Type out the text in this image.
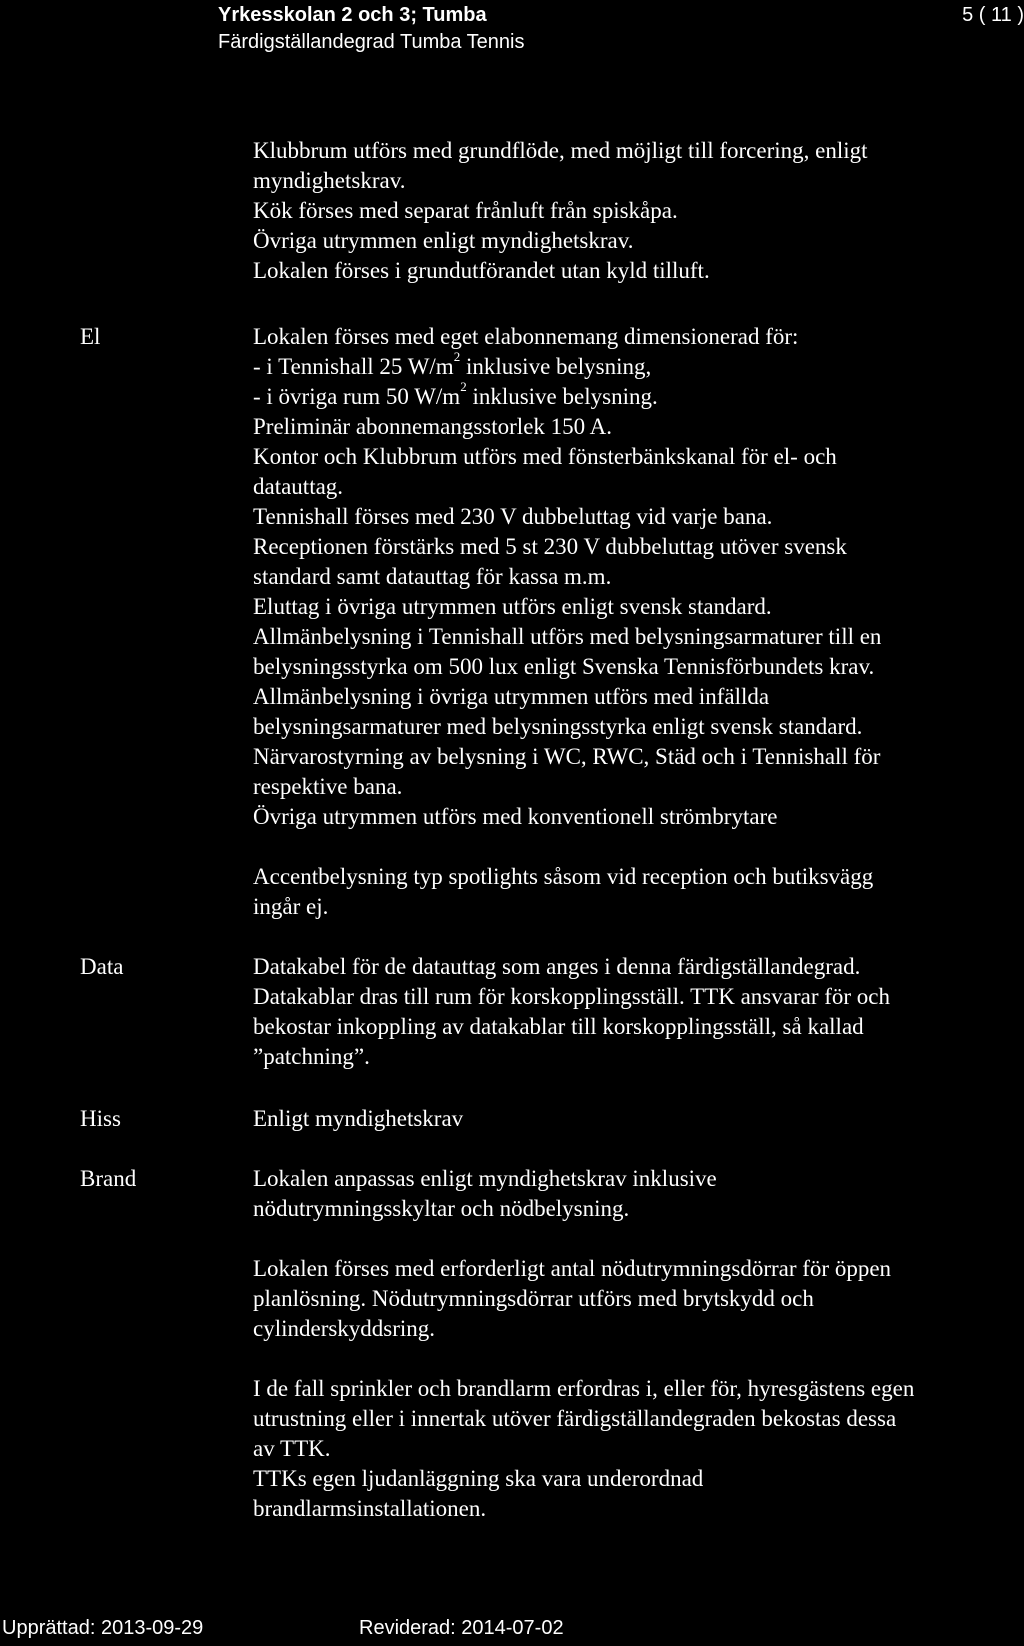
Yrkesskolan 2 och 3; Tumba
Färdigställandegrad Tumba Tennis
5 ( 11 )

Klubbrum utförs med grundflöde, med möjligt till forcering, enligt

myndighetskrav.

Kök förses med separat frånluft från spiskåpa.

Övriga utrymmen enligt myndighetskrav.

Lokalen förses i grundutförandet utan kyld tilluft.

El	Lokalen förses med eget elabonnemang dimensionerad för:

- i Tennishall 25 $W/m^2$ inklusive belysning,

- i övriga rum 50 $W/m^2$ inklusive belysning.

Preliminär abonnemangsstorlek 150 A.

Kontor och Klubbrum utförs med fönsterbänkskanal för el- och

datauttag.

Tennishall förses med 230 V dubbeluttag vid varje bana.

Receptionen förstärks med 5 st 230 V dubbeluttag utöver svensk

standard samt datauttag för kassa m.m.

Eluttag i övriga utrymmen utförs enligt svensk standard.

Allmänbelysning i Tennishall utförs med belysningsarmaturer till en

belysningsstyrka om 500 lux enligt Svenska Tennisförbundets krav.

Allmänbelysning i övriga utrymmen utförs med infällda

belysningsarmaturer med belysningsstyrka enligt svensk standard.

Närvarostyrning av belysning i WC, RWC, Städ och i Tennishall för

respektive bana.

Övriga utrymmen utförs med konventionell strömbrytare

Accentbelysning typ spotlights såsom vid reception och butiksvägg

ingår ej.

Data	Datakabel för de datauttag som anges i denna färdigställandegrad.

Datakablar dras till rum för korskopplingsställ. TTK ansvarar för och

bekostar inkoppling av datakablar till korskopplingsställ, så kallad

”patchning”.

Hiss	Enligt myndighetskrav

Brand	Lokalen anpassas enligt myndighetskrav inklusive

nödutrymningsskyltar och nödbelysning.

Lokalen förses med erforderligt antal nödutrymningsdörrar för öppen

planlösning. Nödutrymningsdörrar utförs med brytskydd och

cylinderskyddsring.

I de fall sprinkler och brandlarm erfordras i, eller för, hyresgästens egen

utrustning eller i innertak utöver färdigställandegraden bekostas dessa

av TTK.

TTKs egen ljudanläggning ska vara underordnad

brandlarmsinstallationen.

Upprättad: 2013-09-29	Reviderad: 2014-07-02
